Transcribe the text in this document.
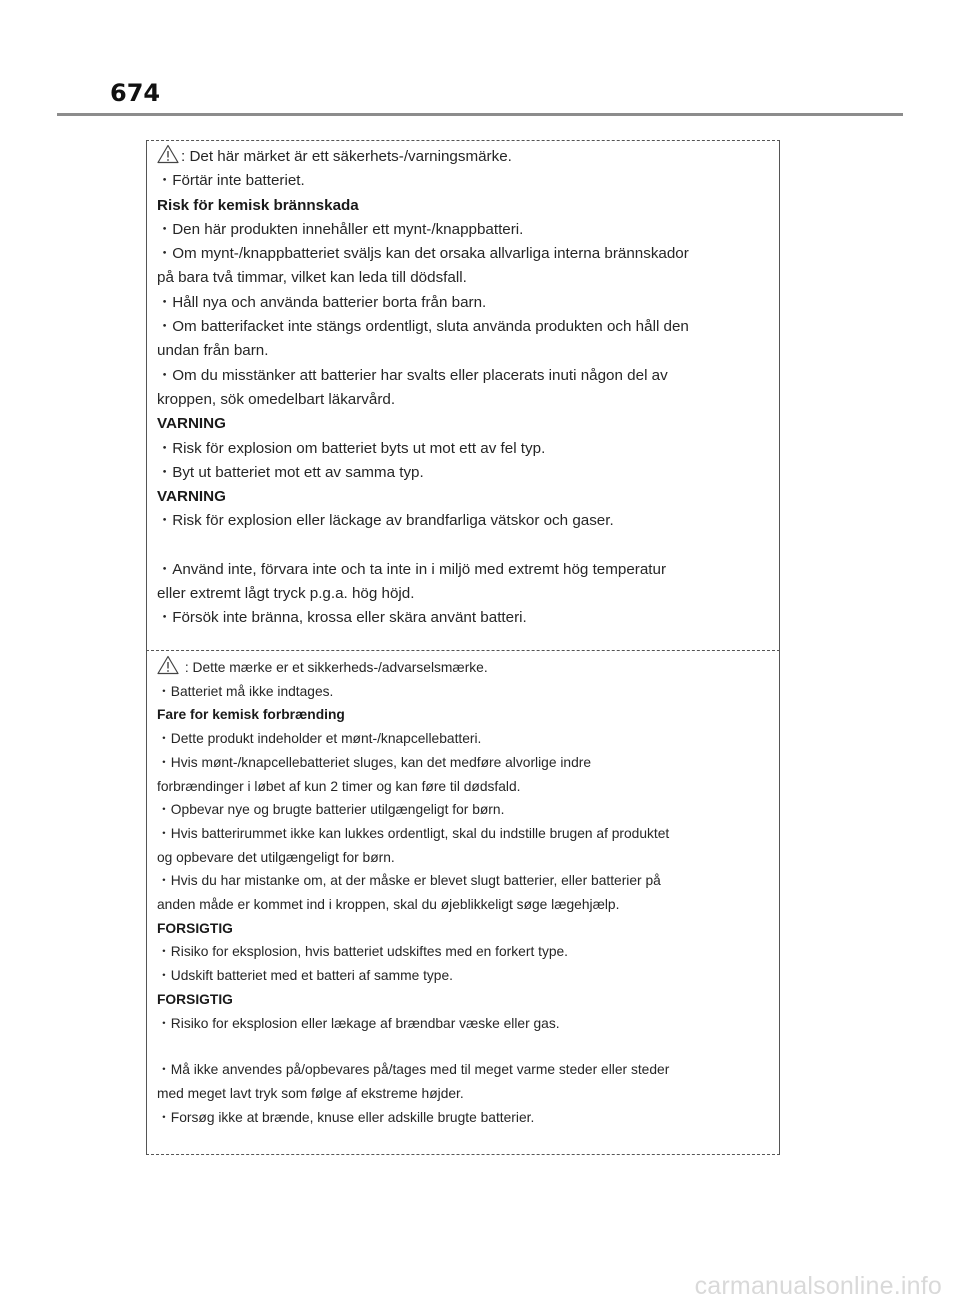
674

: Det här märket är ett säkerhets-/varningsmärke.

・Förtär inte batteriet.

Risk för kemisk brännskada

・Den här produkten innehåller ett mynt-/knappbatteri.

・Om mynt-/knappbatteriet sväljs kan det orsaka allvarliga interna brännskador

på bara två timmar, vilket kan leda till dödsfall.

・Håll nya och använda batterier borta från barn.

・Om batterifacket inte stängs ordentligt, sluta använda produkten och håll den

undan från barn.

・Om du misstänker att batterier har svalts eller placerats inuti någon del av

kroppen, sök omedelbart läkarvård.

VARNING

・Risk för explosion om batteriet byts ut mot ett av fel typ.

・Byt ut batteriet mot ett av samma typ.

VARNING

・Risk för explosion eller läckage av brandfarliga vätskor och gaser.

・Använd inte, förvara inte och ta inte in i miljö med extremt hög temperatur

eller extremt lågt tryck p.g.a. hög höjd.

・Försök inte bränna, krossa eller skära använt batteri.

: Dette mærke er et sikkerheds-/advarselsmærke.

・Batteriet må ikke indtages.

Fare for kemisk forbrænding

・Dette produkt indeholder et mønt-/knapcellebatteri.

・Hvis mønt-/knapcellebatteriet sluges, kan det medføre alvorlige indre

forbrændinger i løbet af kun 2 timer og kan føre til dødsfald.

・Opbevar nye og brugte batterier utilgængeligt for børn.

・Hvis batterirummet ikke kan lukkes ordentligt, skal du indstille brugen af produktet

og opbevare det utilgængeligt for børn.

・Hvis du har mistanke om, at der måske er blevet slugt batterier, eller batterier på

anden måde er kommet ind i kroppen, skal du øjeblikkeligt søge lægehjælp.

FORSIGTIG

・Risiko for eksplosion, hvis batteriet udskiftes med en forkert type.

・Udskift batteriet med et batteri af samme type.

FORSIGTIG

・Risiko for eksplosion eller lækage af brændbar væske eller gas.

・Må ikke anvendes på/opbevares på/tages med til meget varme steder eller steder

med meget lavt tryk som følge af ekstreme højder.

・Forsøg ikke at brænde, knuse eller adskille brugte batterier.

carmanualsonline.info
